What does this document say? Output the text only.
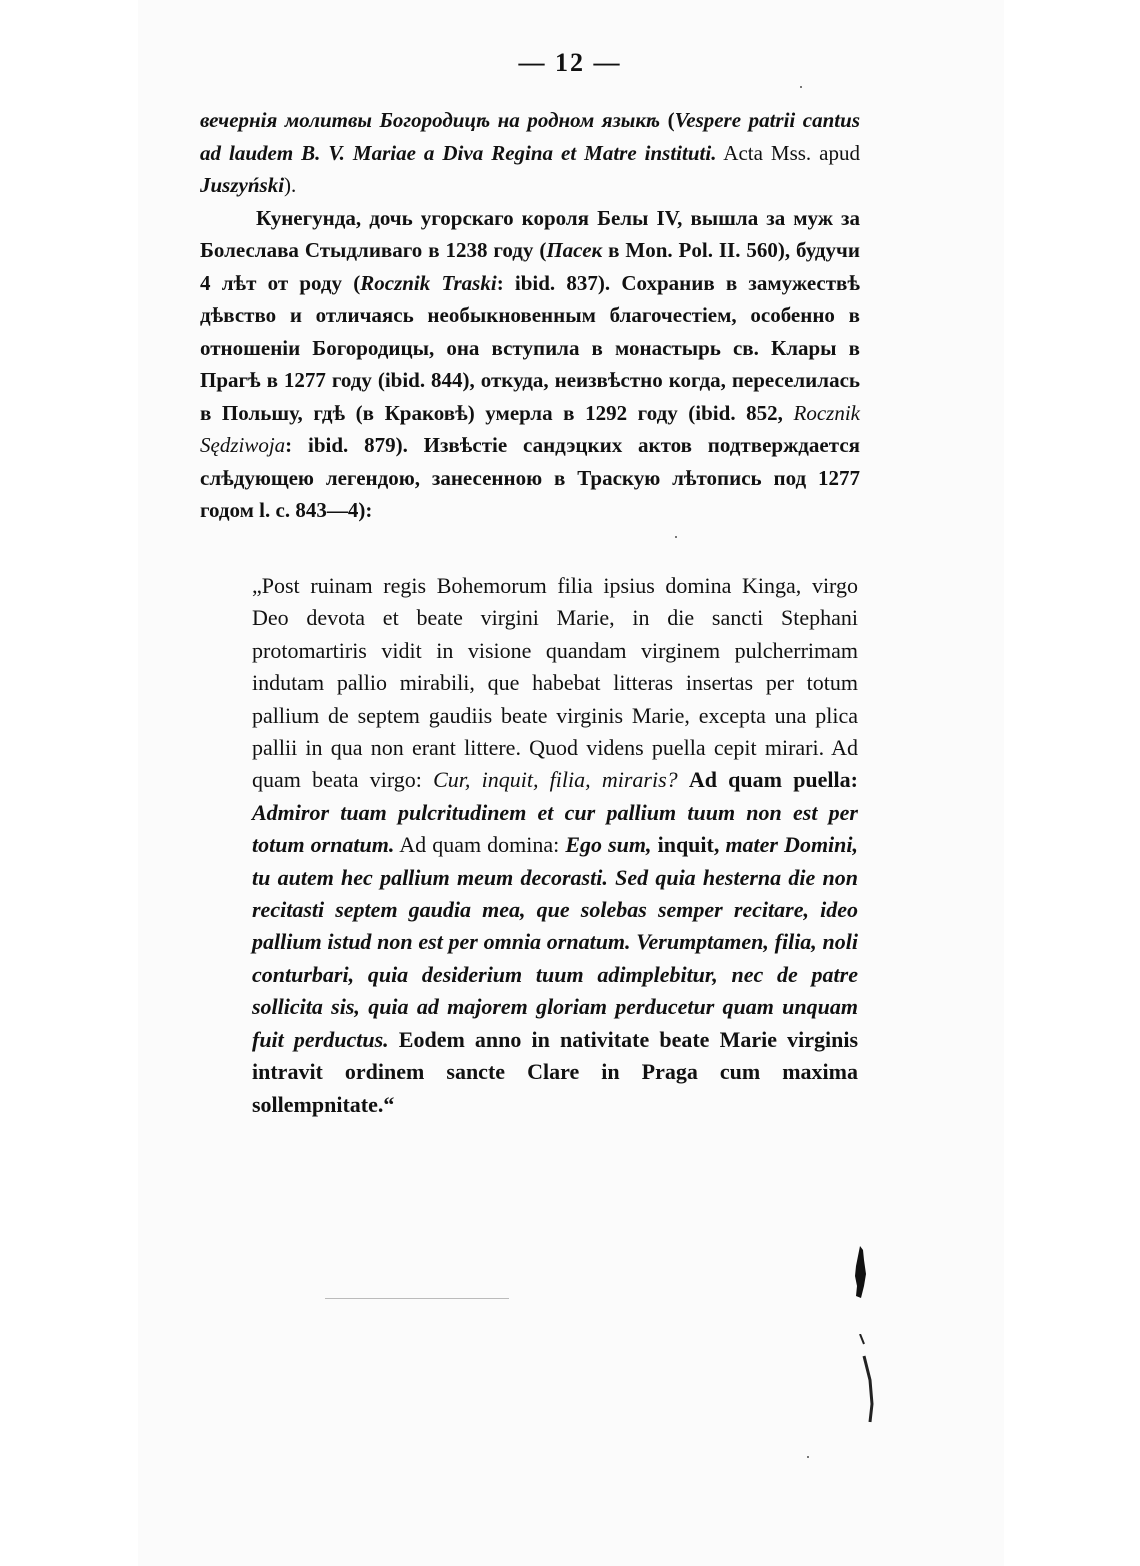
— 12 —

вечернія молитвы Богородицѣ на родном языкѣ (Vespere patrii cantus ad laudem B. V. Mariae a Diva Regina et Matre instituti. Acta Mss. apud Juszyński).

Кунегунда, дочь угорскаго короля Белы IV, вышла за муж за Болеслава Стыдливаго в 1238 году (Пасек в Mon. Pol. II. 560), будучи 4 лѣт от роду (Rocznik Traski: ibid. 837). Сохранив в замужествѣ дѣвство и отличаясь необыкновенным благочестіем, особенно в отношеніи Богородицы, она вступила в монастырь св. Клары в Прагѣ в 1277 году (ibid. 844), откуда, неизвѣстно когда, переселилась в Польшу, гдѣ (в Краковѣ) умерла в 1292 году (ibid. 852, Rocznik Sędziwoja: ibid. 879). Извѣстіе сандэцких актов подтверждается слѣдующею легендою, занесенною в Траскую лѣтопись под 1277 годом l. c. 843—4):

„Post ruinam regis Bohemorum filia ipsius domina Kinga, virgo Deo devota et beate virgini Marie, in die sancti Stephani protomartiris vidit in visione quandam virginem pulcherrimam indutam pallio mirabili, que habebat litteras insertas per totum pallium de septem gaudiis beate virginis Marie, excepta una plica pallii in qua non erant littere. Quod videns puella cepit mirari. Ad quam beata virgo: Cur, inquit, filia, miraris? Ad quam puella: Admiror tuam pulcritudinem et cur pallium tuum non est per totum ornatum. Ad quam domina: Ego sum, inquit, mater Domini, tu autem hec pallium meum decorasti. Sed quia hesterna die non recitasti septem gaudia mea, que solebas semper recitare, ideo pallium istud non est per omnia ornatum. Verumptamen, filia, noli conturbari, quia desiderium tuum adimplebitur, nec de patre sollicita sis, quia ad majorem gloriam perducetur quam unquam fuit perductus. Eodem anno in nativitate beate Marie virginis intravit ordinem sancte Clare in Praga cum maxima sollempnitate.“
